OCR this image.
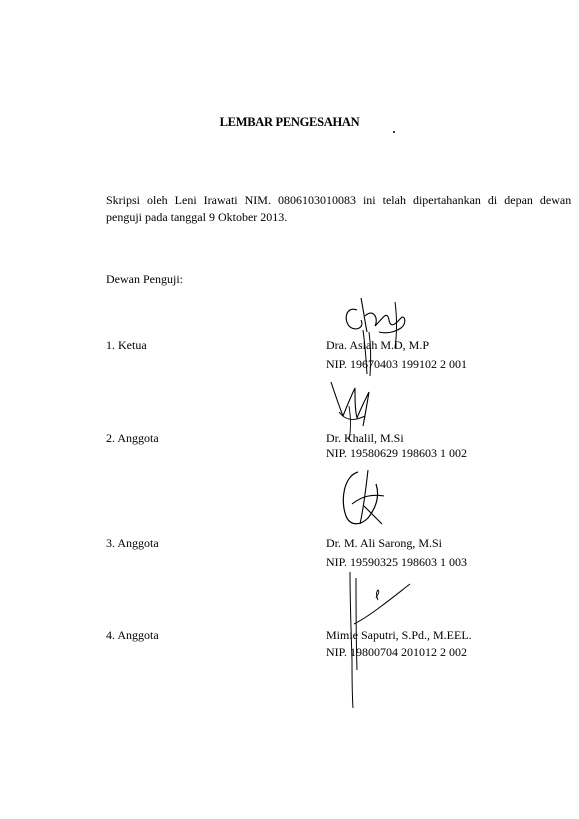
LEMBAR PENGESAHAN
Skripsi oleh Leni Irawati NIM. 0806103010083 ini telah dipertahankan di depan dewan
penguji pada tanggal 9 Oktober 2013.
Dewan Penguji:
1. Ketua	Dra. Asiah M.D, M.P
NIP. 19670403 199102 2 001
2. Anggota	Dr. Khalil, M.Si
NIP. 19580629 198603 1 002
3. Anggota	Dr. M. Ali Sarong, M.Si
NIP. 19590325 198603 1 003
4. Anggota	Mimie Saputri, S.Pd., M.EEL.
NIP. 19800704 201012 2 002
